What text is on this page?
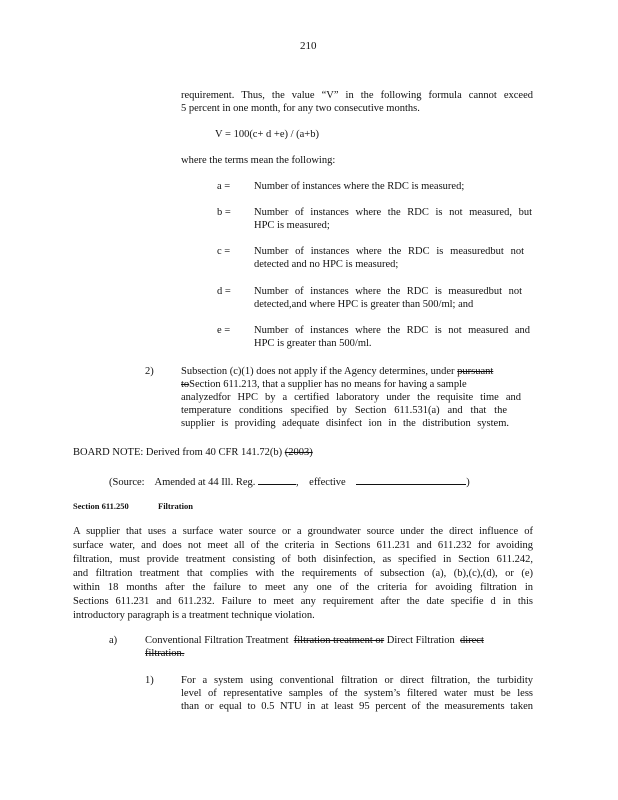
210
requirement. Thus, the value “V” in the following formula cannot exceed
5 percent in one month, for any two consecutive months.
V = 100(c+ d +e) / (a+b)
where the terms mean the following:
a = Number of instances where the RDC is measured;
b = Number of instances where the RDC is not measured, but
HPC is measured;
c = Number of instances where the RDC is measuredbut not
detected and no HPC is measured;
d = Number of instances where the RDC is measuredbut not
detected,and where HPC is greater than 500/ml; and
e = Number of instances where the RDC is not measured and
HPC is greater than 500/ml.
2)	Subsection (c)(1) does not apply if the Agency determines, under pursuant
toSection 611.213, that a supplier has no means for having a sample
analyzedfor HPC by a certified laboratory under the requisite time and
temperature conditions specified by Section 611.531(a) and that the
supplier is providing adequate disinfect ion in the distribution system.
BOARD NOTE: Derived from 40 CFR 141.72(b) (2003)
(Source: Amended at 44 Ill. Reg.	, effective	)
Section 611.250	Filtration
A supplier that uses a surface water source or a groundwater source under the direct influence of
surface water, and does not meet all of the criteria in Sections 611.231 and 611.232 for avoiding
filtration, must provide treatment consisting of both disinfection, as specified in Section 611.242,
and filtration treatment that complies with the requirements of subsection (a), (b),(c),(d), or (e)
within 18 months after the failure to meet any one of the criteria for avoiding filtration in
Sections 611.231 and 611.232. Failure to meet any requirement after the date specifie d in this
introductory paragraph is a treatment technique violation.
a)	Conventional Filtration Treatment filtration treatment or Direct Filtration direct
filtration.
1)	For a system using conventional filtration or direct filtration, the turbidity
level of representative samples of the system’s filtered water must be less
than or equal to 0.5 NTU in at least 95 percent of the measurements taken
